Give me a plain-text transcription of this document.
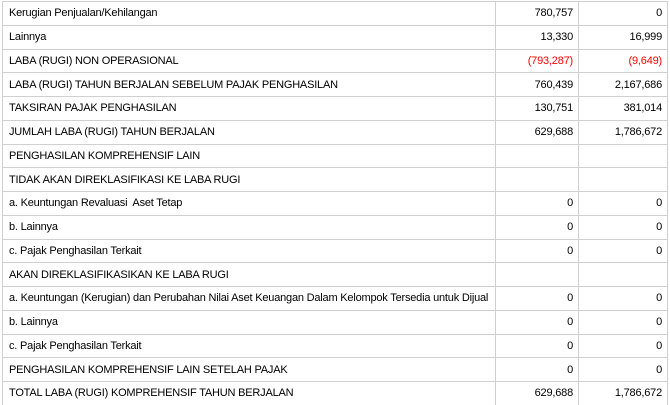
Kerugian Penjualan/Kehilangan	780,757	0
Lainnya	13,330	16,999
LABA (RUGI) NON OPERASIONAL	(793,287)	(9,649)
LABA (RUGI) TAHUN BERJALAN SEBELUM PAJAK PENGHASILAN	760,439	2,167,686
TAKSIRAN PAJAK PENGHASILAN	130,751	381,014
JUMLAH LABA (RUGI) TAHUN BERJALAN	629,688	1,786,672
PENGHASILAN KOMPREHENSIF LAIN
TIDAK AKAN DIREKLASIFIKASI KE LABA RUGI
a. Keuntungan Revaluasi  Aset Tetap	0	0
b. Lainnya	0	0
c. Pajak Penghasilan Terkait	0	0
AKAN DIREKLASIFIKASIKAN KE LABA RUGI
a. Keuntungan (Kerugian) dan Perubahan Nilai Aset Keuangan Dalam Kelompok Tersedia untuk Dijual	0	0
b. Lainnya	0	0
c. Pajak Penghasilan Terkait	0	0
PENGHASILAN KOMPREHENSIF LAIN SETELAH PAJAK	0	0
TOTAL LABA (RUGI) KOMPREHENSIF TAHUN BERJALAN	629,688	1,786,672
